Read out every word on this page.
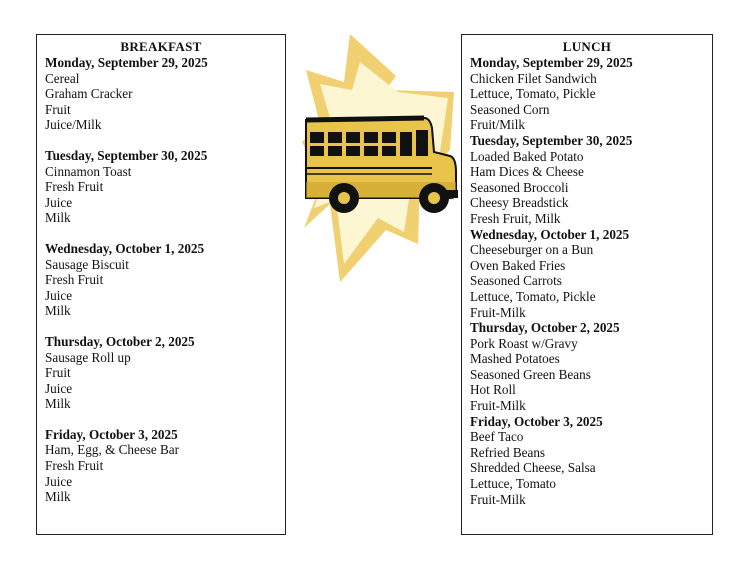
BREAKFAST
Monday, September 29, 2025
Cereal
Graham Cracker
Fruit
Juice/Milk
Tuesday, September 30, 2025
Cinnamon Toast
Fresh Fruit
Juice
Milk
Wednesday, October 1, 2025
Sausage Biscuit
Fresh Fruit
Juice
Milk
Thursday, October 2, 2025
Sausage Roll up
Fruit
Juice
Milk
Friday, October 3, 2025
Ham, Egg, & Cheese Bar
Fresh Fruit
Juice
Milk
LUNCH
Monday, September 29, 2025
Chicken Filet Sandwich
Lettuce, Tomato, Pickle
Seasoned Corn
Fruit/Milk
Tuesday, September 30, 2025
Loaded Baked Potato
Ham Dices & Cheese
Seasoned Broccoli
Cheesy Breadstick
Fresh Fruit, Milk
Wednesday, October 1, 2025
Cheeseburger on a Bun
Oven Baked Fries
Seasoned Carrots
Lettuce, Tomato, Pickle
Fruit-Milk
Thursday, October 2, 2025
Pork Roast w/Gravy
Mashed Potatoes
Seasoned Green Beans
Hot Roll
Fruit-Milk
Friday, October 3, 2025
Beef Taco
Refried Beans
Shredded Cheese, Salsa
Lettuce, Tomato
Fruit-Milk
